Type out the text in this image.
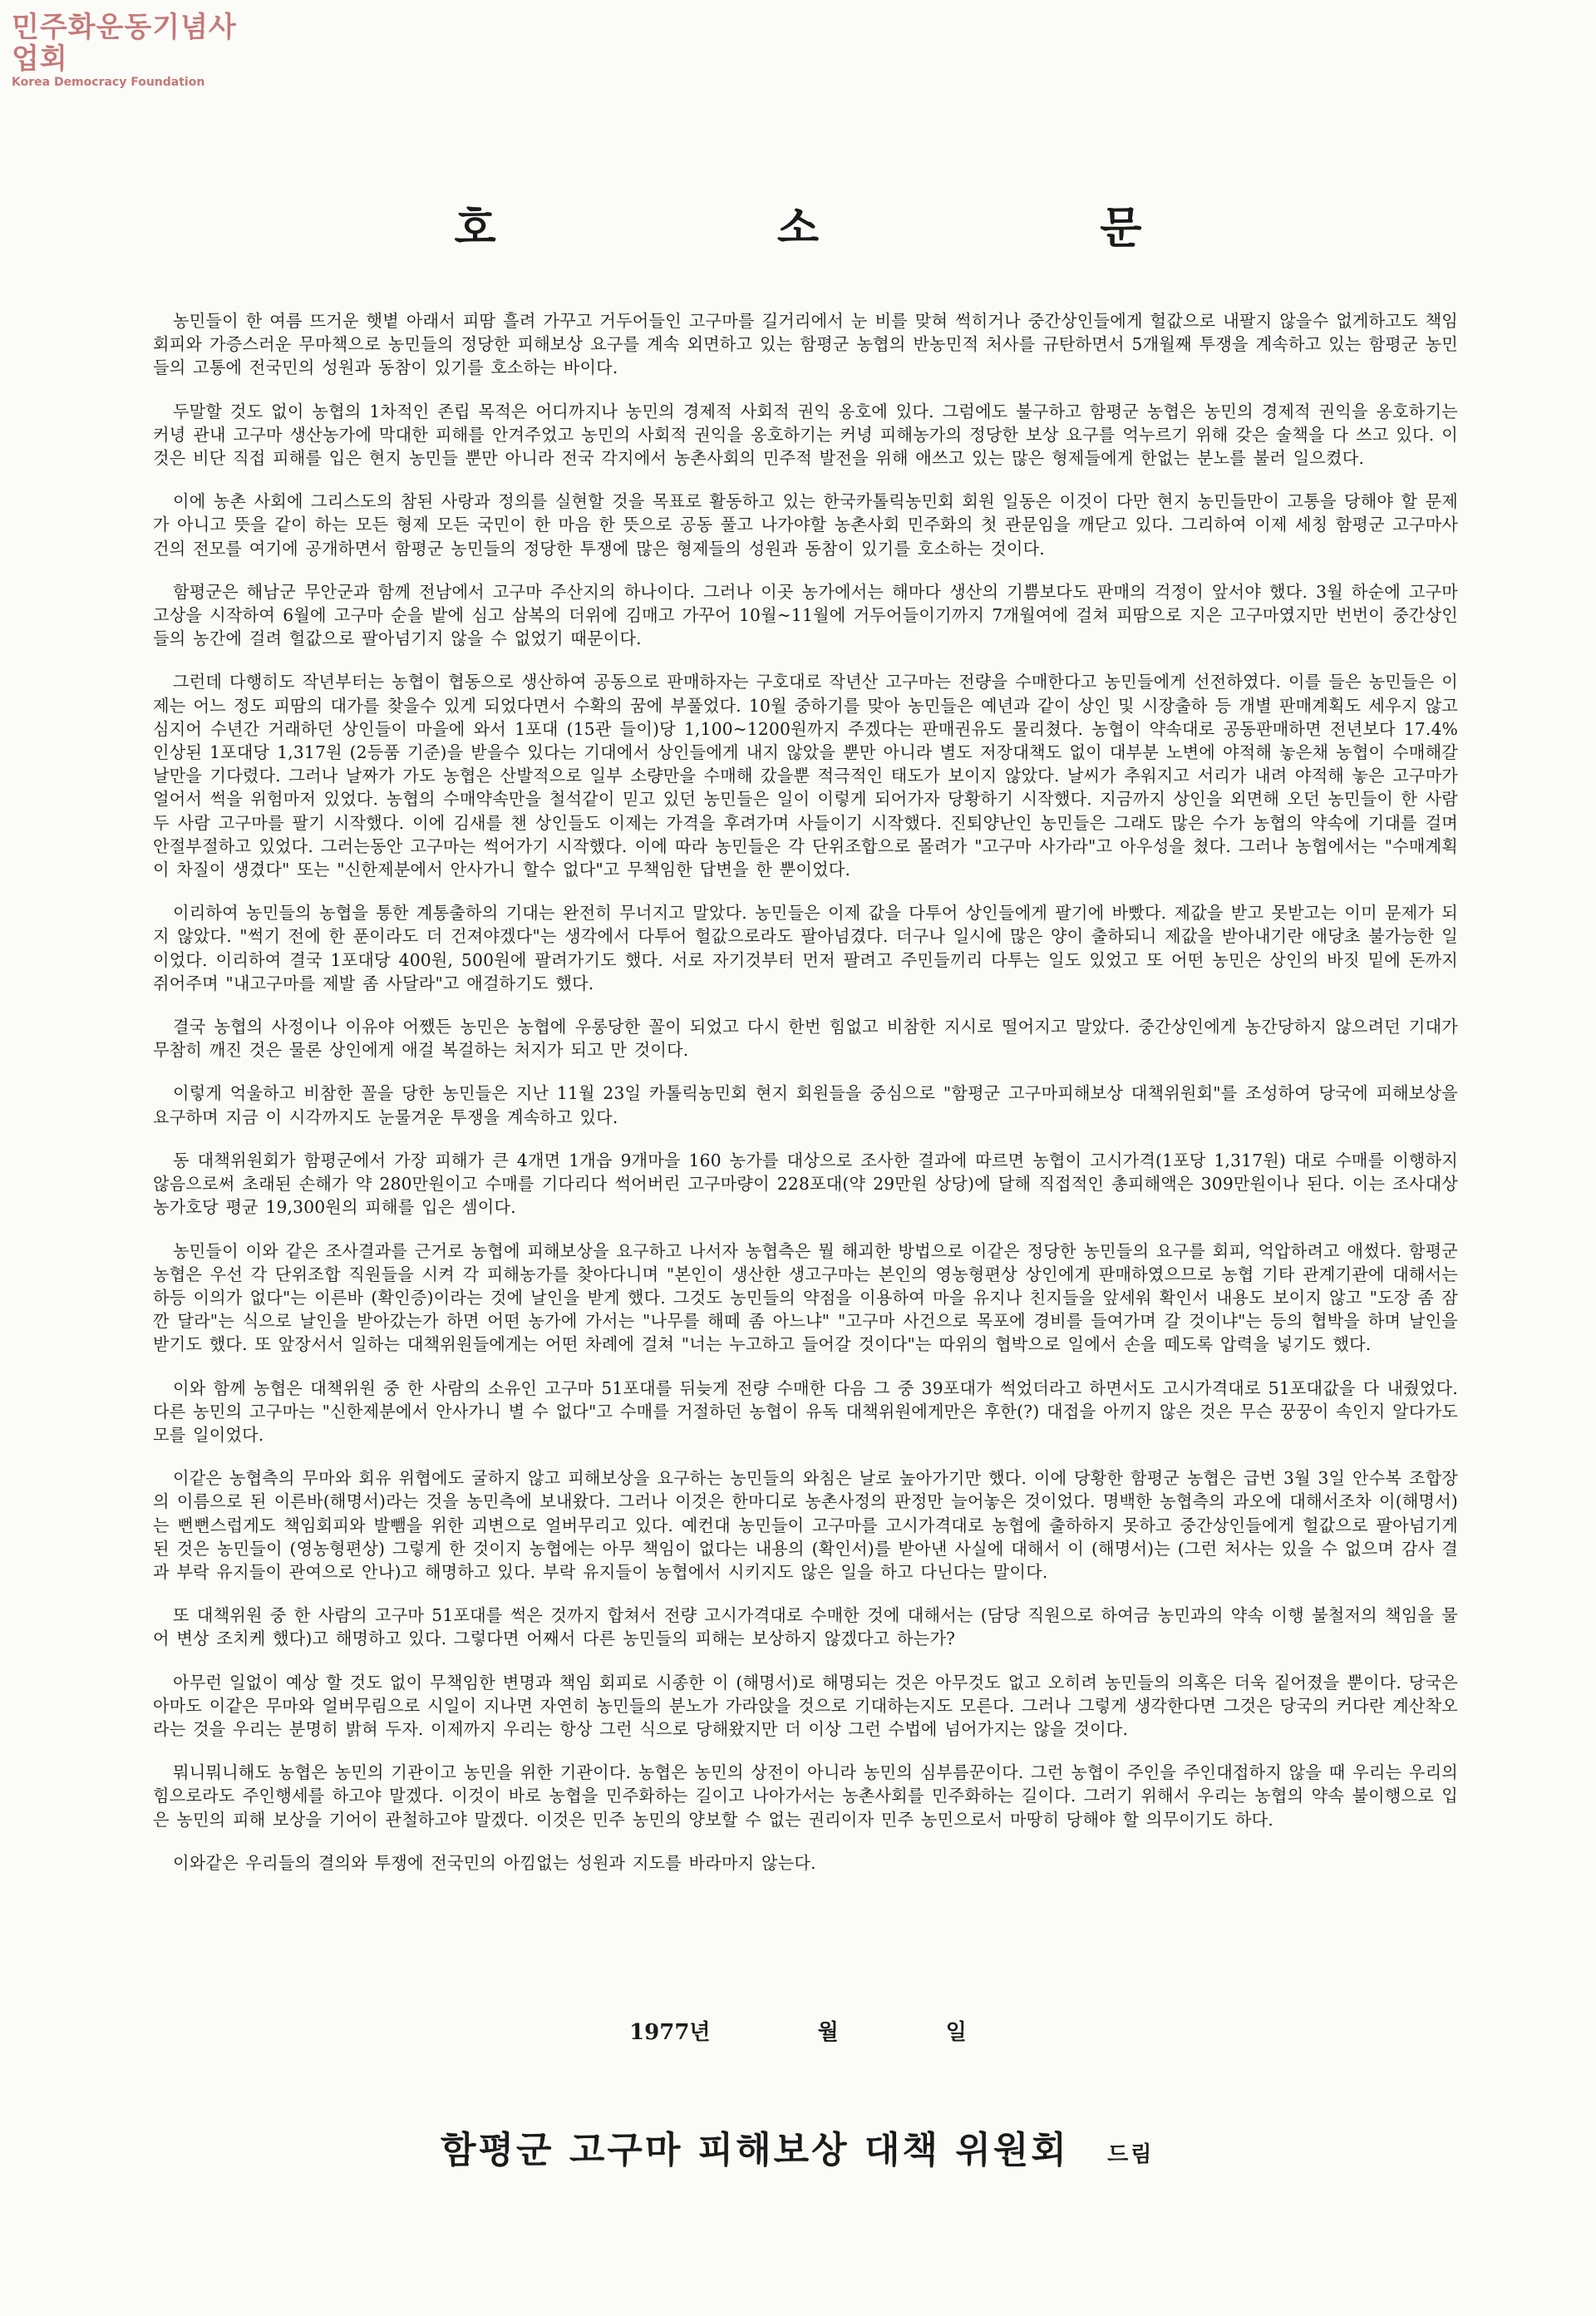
민주화운동기념사업회
Korea Democracy Foundation
호 소 문

농민들이 한 여름 뜨거운 햇볕 아래서 피땀 흘려 가꾸고 거두어들인 고구마를 길거리에서 눈 비를 맞혀 썩히거나 중간상인들에게 헐값으로 내팔지 않을수 없게하고도 책임 회피와 가증스러운 무마책으로 농민들의 정당한 피해보상 요구를 계속 외면하고 있는 함평군 농협의 반농민적 처사를 규탄하면서 5개월째 투쟁을 계속하고 있는 함평군 농민들의 고통에 전국민의 성원과 동참이 있기를 호소하는 바이다.

두말할 것도 없이 농협의 1차적인 존립 목적은 어디까지나 농민의 경제적 사회적 권익 옹호에 있다. 그럼에도 불구하고 함평군 농협은 농민의 경제적 권익을 옹호하기는 커녕 관내 고구마 생산농가에 막대한 피해를 안겨주었고 농민의 사회적 권익을 옹호하기는 커녕 피해농가의 정당한 보상 요구를 억누르기 위해 갖은 술책을 다 쓰고 있다. 이것은 비단 직접 피해를 입은 현지 농민들 뿐만 아니라 전국 각지에서 농촌사회의 민주적 발전을 위해 애쓰고 있는 많은 형제들에게 한없는 분노를 불러 일으켰다.

이에 농촌 사회에 그리스도의 참된 사랑과 정의를 실현할 것을 목표로 활동하고 있는 한국카톨릭농민회 회원 일동은 이것이 다만 현지 농민들만이 고통을 당해야 할 문제가 아니고 뜻을 같이 하는 모든 형제 모든 국민이 한 마음 한 뜻으로 공동 풀고 나가야할 농촌사회 민주화의 첫 관문임을 깨닫고 있다. 그리하여 이제 세칭 함평군 고구마사건의 전모를 여기에 공개하면서 함평군 농민들의 정당한 투쟁에 많은 형제들의 성원과 동참이 있기를 호소하는 것이다.

함평군은 해남군 무안군과 함께 전남에서 고구마 주산지의 하나이다. 그러나 이곳 농가에서는 해마다 생산의 기쁨보다도 판매의 걱정이 앞서야 했다. 3월 하순에 고구마 고상을 시작하여 6월에 고구마 순을 밭에 심고 삼복의 더위에 김매고 가꾸어 10월~11월에 거두어들이기까지 7개월여에 걸쳐 피땀으로 지은 고구마였지만 번번이 중간상인들의 농간에 걸려 헐값으로 팔아넘기지 않을 수 없었기 때문이다.

그런데 다행히도 작년부터는 농협이 협동으로 생산하여 공동으로 판매하자는 구호대로 작년산 고구마는 전량을 수매한다고 농민들에게 선전하였다. 이를 들은 농민들은 이제는 어느 정도 피땀의 대가를 찾을수 있게 되었다면서 수확의 꿈에 부풀었다. 10월 중하기를 맞아 농민들은 예년과 같이 상인 및 시장출하 등 개별 판매계획도 세우지 않고 심지어 수년간 거래하던 상인들이 마을에 와서 1포대 (15관 들이)당 1,100~1200원까지 주겠다는 판매권유도 물리쳤다. 농협이 약속대로 공동판매하면 전년보다 17.4% 인상된 1포대당 1,317원 (2등품 기준)을 받을수 있다는 기대에서 상인들에게 내지 않았을 뿐만 아니라 별도 저장대책도 없이 대부분 노변에 야적해 놓은채 농협이 수매해갈 날만을 기다렸다. 그러나 날짜가 가도 농협은 산발적으로 일부 소량만을 수매해 갔을뿐 적극적인 태도가 보이지 않았다. 날씨가 추워지고 서리가 내려 야적해 놓은 고구마가 얼어서 썩을 위험마저 있었다. 농협의 수매약속만을 철석같이 믿고 있던 농민들은 일이 이렇게 되어가자 당황하기 시작했다. 지금까지 상인을 외면해 오던 농민들이 한 사람 두 사람 고구마를 팔기 시작했다. 이에 김새를 챈 상인들도 이제는 가격을 후려가며 사들이기 시작했다. 진퇴양난인 농민들은 그래도 많은 수가 농협의 약속에 기대를 걸며 안절부절하고 있었다. 그러는동안 고구마는 썩어가기 시작했다. 이에 따라 농민들은 각 단위조합으로 몰려가 "고구마 사가라"고 아우성을 쳤다. 그러나 농협에서는 "수매계획이 차질이 생겼다" 또는 "신한제분에서 안사가니 할수 없다"고 무책임한 답변을 한 뿐이었다.

이리하여 농민들의 농협을 통한 계통출하의 기대는 완전히 무너지고 말았다. 농민들은 이제 값을 다투어 상인들에게 팔기에 바빴다. 제값을 받고 못받고는 이미 문제가 되지 않았다. "썩기 전에 한 푼이라도 더 건져야겠다"는 생각에서 다투어 헐값으로라도 팔아넘겼다. 더구나 일시에 많은 양이 출하되니 제값을 받아내기란 애당초 불가능한 일이었다. 이리하여 결국 1포대당 400원, 500원에 팔려가기도 했다. 서로 자기것부터 먼저 팔려고 주민들끼리 다투는 일도 있었고 또 어떤 농민은 상인의 바짓 밑에 돈까지 쥐어주며 "내고구마를 제발 좀 사달라"고 애걸하기도 했다.

결국 농협의 사정이나 이유야 어쨌든 농민은 농협에 우롱당한 꼴이 되었고 다시 한번 힘없고 비참한 지시로 떨어지고 말았다. 중간상인에게 농간당하지 않으려던 기대가 무참히 깨진 것은 물론 상인에게 애걸 복걸하는 처지가 되고 만 것이다.

이렇게 억울하고 비참한 꼴을 당한 농민들은 지난 11월 23일 카톨릭농민회 현지 회원들을 중심으로 "함평군 고구마피해보상 대책위원회"를 조성하여 당국에 피해보상을 요구하며 지금 이 시각까지도 눈물겨운 투쟁을 계속하고 있다.

동 대책위원회가 함평군에서 가장 피해가 큰 4개면 1개읍 9개마을 160 농가를 대상으로 조사한 결과에 따르면 농협이 고시가격(1포당 1,317원) 대로 수매를 이행하지 않음으로써 초래된 손해가 약 280만원이고 수매를 기다리다 썩어버린 고구마량이 228포대(약 29만원 상당)에 달해 직접적인 총피해액은 309만원이나 된다. 이는 조사대상농가호당 평균 19,300원의 피해를 입은 셈이다.

농민들이 이와 같은 조사결과를 근거로 농협에 피해보상을 요구하고 나서자 농협측은 뭘 해괴한 방법으로 이같은 정당한 농민들의 요구를 회피, 억압하려고 애썼다. 함평군농협은 우선 각 단위조합 직원들을 시켜 각 피해농가를 찾아다니며 "본인이 생산한 생고구마는 본인의 영농형편상 상인에게 판매하였으므로 농협 기타 관계기관에 대해서는 하등 이의가 없다"는 이른바 (확인증)이라는 것에 날인을 받게 했다. 그것도 농민들의 약점을 이용하여 마을 유지나 친지들을 앞세워 확인서 내용도 보이지 않고 "도장 좀 잠깐 달라"는 식으로 날인을 받아갔는가 하면 어떤 농가에 가서는 "나무를 해떼 좀 아느냐" "고구마 사건으로 목포에 경비를 들여가며 갈 것이냐"는 등의 협박을 하며 날인을 받기도 했다. 또 앞장서서 일하는 대책위원들에게는 어떤 차례에 걸쳐 "너는 누고하고 들어갈 것이다"는 따위의 협박으로 일에서 손을 떼도록 압력을 넣기도 했다.

이와 함께 농협은 대책위원 중 한 사람의 소유인 고구마 51포대를 뒤늦게 전량 수매한 다음 그 중 39포대가 썩었더라고 하면서도 고시가격대로 51포대값을 다 내줬었다. 다른 농민의 고구마는 "신한제분에서 안사가니 별 수 없다"고 수매를 거절하던 농협이 유독 대책위원에게만은 후한(?) 대접을 아끼지 않은 것은 무슨 꿍꿍이 속인지 알다가도 모를 일이었다.

이같은 농협측의 무마와 회유 위협에도 굴하지 않고 피해보상을 요구하는 농민들의 와침은 날로 높아가기만 했다. 이에 당황한 함평군 농협은 급번 3월 3일 안수복 조합장의 이름으로 된 이른바(해명서)라는 것을 농민측에 보내왔다. 그러나 이것은 한마디로 농촌사정의 판정만 늘어놓은 것이었다. 명백한 농협측의 과오에 대해서조차 이(해명서)는 뻔뻔스럽게도 책임회피와 발뺌을 위한 괴변으로 얼버무리고 있다. 예컨대 농민들이 고구마를 고시가격대로 농협에 출하하지 못하고 중간상인들에게 헐값으로 팔아넘기게 된 것은 농민들이 (영농형편상) 그렇게 한 것이지 농협에는 아무 책임이 없다는 내용의 (확인서)를 받아낸 사실에 대해서 이 (해명서)는 (그런 처사는 있을 수 없으며 감사 결과 부락 유지들이 관여으로 안나)고 해명하고 있다. 부락 유지들이 농협에서 시키지도 않은 일을 하고 다닌다는 말이다.

또 대책위원 중 한 사람의 고구마 51포대를 썩은 것까지 합쳐서 전량 고시가격대로 수매한 것에 대해서는 (담당 직원으로 하여금 농민과의 약속 이행 불철저의 책임을 물어 변상 조치케 했다)고 해명하고 있다. 그렇다면 어째서 다른 농민들의 피해는 보상하지 않겠다고 하는가?

아무런 일없이 예상 할 것도 없이 무책임한 변명과 책임 회피로 시종한 이 (해명서)로 해명되는 것은 아무것도 없고 오히려 농민들의 의혹은 더욱 짙어졌을 뿐이다. 당국은 아마도 이같은 무마와 얼버무림으로 시일이 지나면 자연히 농민들의 분노가 가라앉을 것으로 기대하는지도 모른다. 그러나 그렇게 생각한다면 그것은 당국의 커다란 계산착오라는 것을 우리는 분명히 밝혀 두자. 이제까지 우리는 항상 그런 식으로 당해왔지만 더 이상 그런 수법에 넘어가지는 않을 것이다.

뭐니뭐니해도 농협은 농민의 기관이고 농민을 위한 기관이다. 농협은 농민의 상전이 아니라 농민의 심부름꾼이다. 그런 농협이 주인을 주인대접하지 않을 때 우리는 우리의 힘으로라도 주인행세를 하고야 말겠다. 이것이 바로 농협을 민주화하는 길이고 나아가서는 농촌사회를 민주화하는 길이다. 그러기 위해서 우리는 농협의 약속 불이행으로 입은 농민의 피해 보상을 기어이 관철하고야 말겠다. 이것은 민주 농민의 양보할 수 없는 권리이자 민주 농민으로서 마땅히 당해야 할 의무이기도 하다.

이와같은 우리들의 결의와 투쟁에 전국민의 아낌없는 성원과 지도를 바라마지 않는다.

1977년	월	일
함평군 고구마 피해보상 대책 위원회 드림
